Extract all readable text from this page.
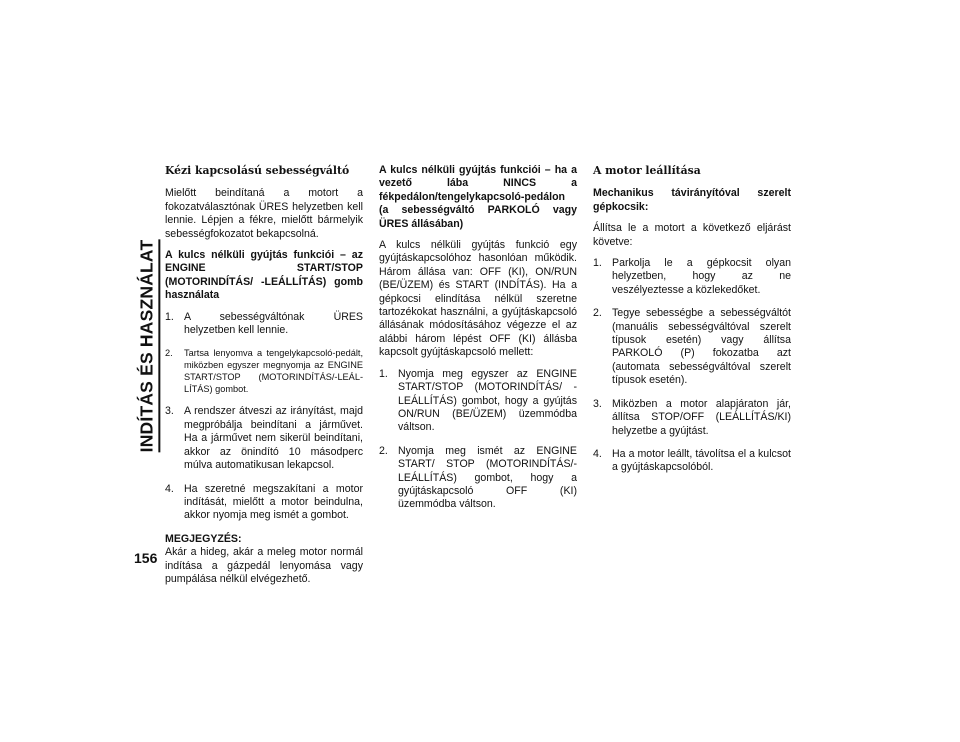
INDÍTÁS ÉS HASZNÁLAT
156
Kézi kapcsolású sebességváltó

Mielőtt beindítaná a motort a fokozatválasztónak ÜRES helyzetben kell lennie. Lépjen a fékre, mielőtt bármelyik sebességfokozatot bekapcsolná.

A kulcs nélküli gyújtás funkciói – az ENGINE START/STOP (MOTORINDÍTÁS/ -LEÁLLÍTÁS) gomb használata
1. A sebességváltónak ÜRES helyzetben kell lennie.
2. Tartsa lenyomva a tengelykapcsoló-pedált, miközben egyszer megnyomja az ENGINE START/STOP (MOTORINDÍTÁS/-LEÁLLÍTÁS) gombot.
3. A rendszer átveszi az irányítást, majd megpróbálja beindítani a járművet. Ha a járművet nem sikerül beindítani, akkor az önindító 10 másodperc múlva automatikusan lekapcsol.
4. Ha szeretné megszakítani a motor indítását, mielőtt a motor beindulna, akkor nyomja meg ismét a gombot.
MEGJEGYZÉS:

Akár a hideg, akár a meleg motor normál indítása a gázpedál lenyomása vagy pumpálása nélkül elvégezhető.

A kulcs nélküli gyújtás funkciói – ha a vezető lába NINCS a fékpedálon/tengelykapcsoló-pedálon (a sebességváltó PARKOLÓ vagy ÜRES állásában)

A kulcs nélküli gyújtás funkció egy gyújtáskapcsolóhoz hasonlóan működik. Három állása van: OFF (KI), ON/RUN (BE/ÜZEM) és START (INDÍTÁS). Ha a gépkocsi elindítása nélkül szeretne tartozékokat használni, a gyújtáskapcsoló állásának módosításához végezze el az alábbi három lépést OFF (KI) állásba kapcsolt gyújtáskapcsoló mellett:

1. Nyomja meg egyszer az ENGINE START/STOP (MOTORINDÍTÁS/ -LEÁLLÍTÁS) gombot, hogy a gyújtás ON/RUN (BE/ÜZEM) üzemmódba váltson.
2. Nyomja meg ismét az ENGINE START/ STOP (MOTORINDÍTÁS/-LEÁLLÍTÁS) gombot, hogy a gyújtáskapcsoló OFF (KI) üzemmódba váltson.
A motor leállítása
Mechanikus távirányítóval szerelt gépkocsik:

Állítsa le a motort a következő eljárást követve:

1. Parkolja le a gépkocsit olyan helyzetben, hogy az ne veszélyeztesse a közlekedőket.
2. Tegye sebességbe a sebességváltót (manuális sebességváltóval szerelt típusok esetén) vagy állítsa PARKOLÓ (P) fokozatba azt (automata sebességváltóval szerelt típusok esetén).
3. Miközben a motor alapjáraton jár, állítsa STOP/OFF (LEÁLLÍTÁS/KI) helyzetbe a gyújtást.
4. Ha a motor leállt, távolítsa el a kulcsot a gyújtáskapcsolóból.
